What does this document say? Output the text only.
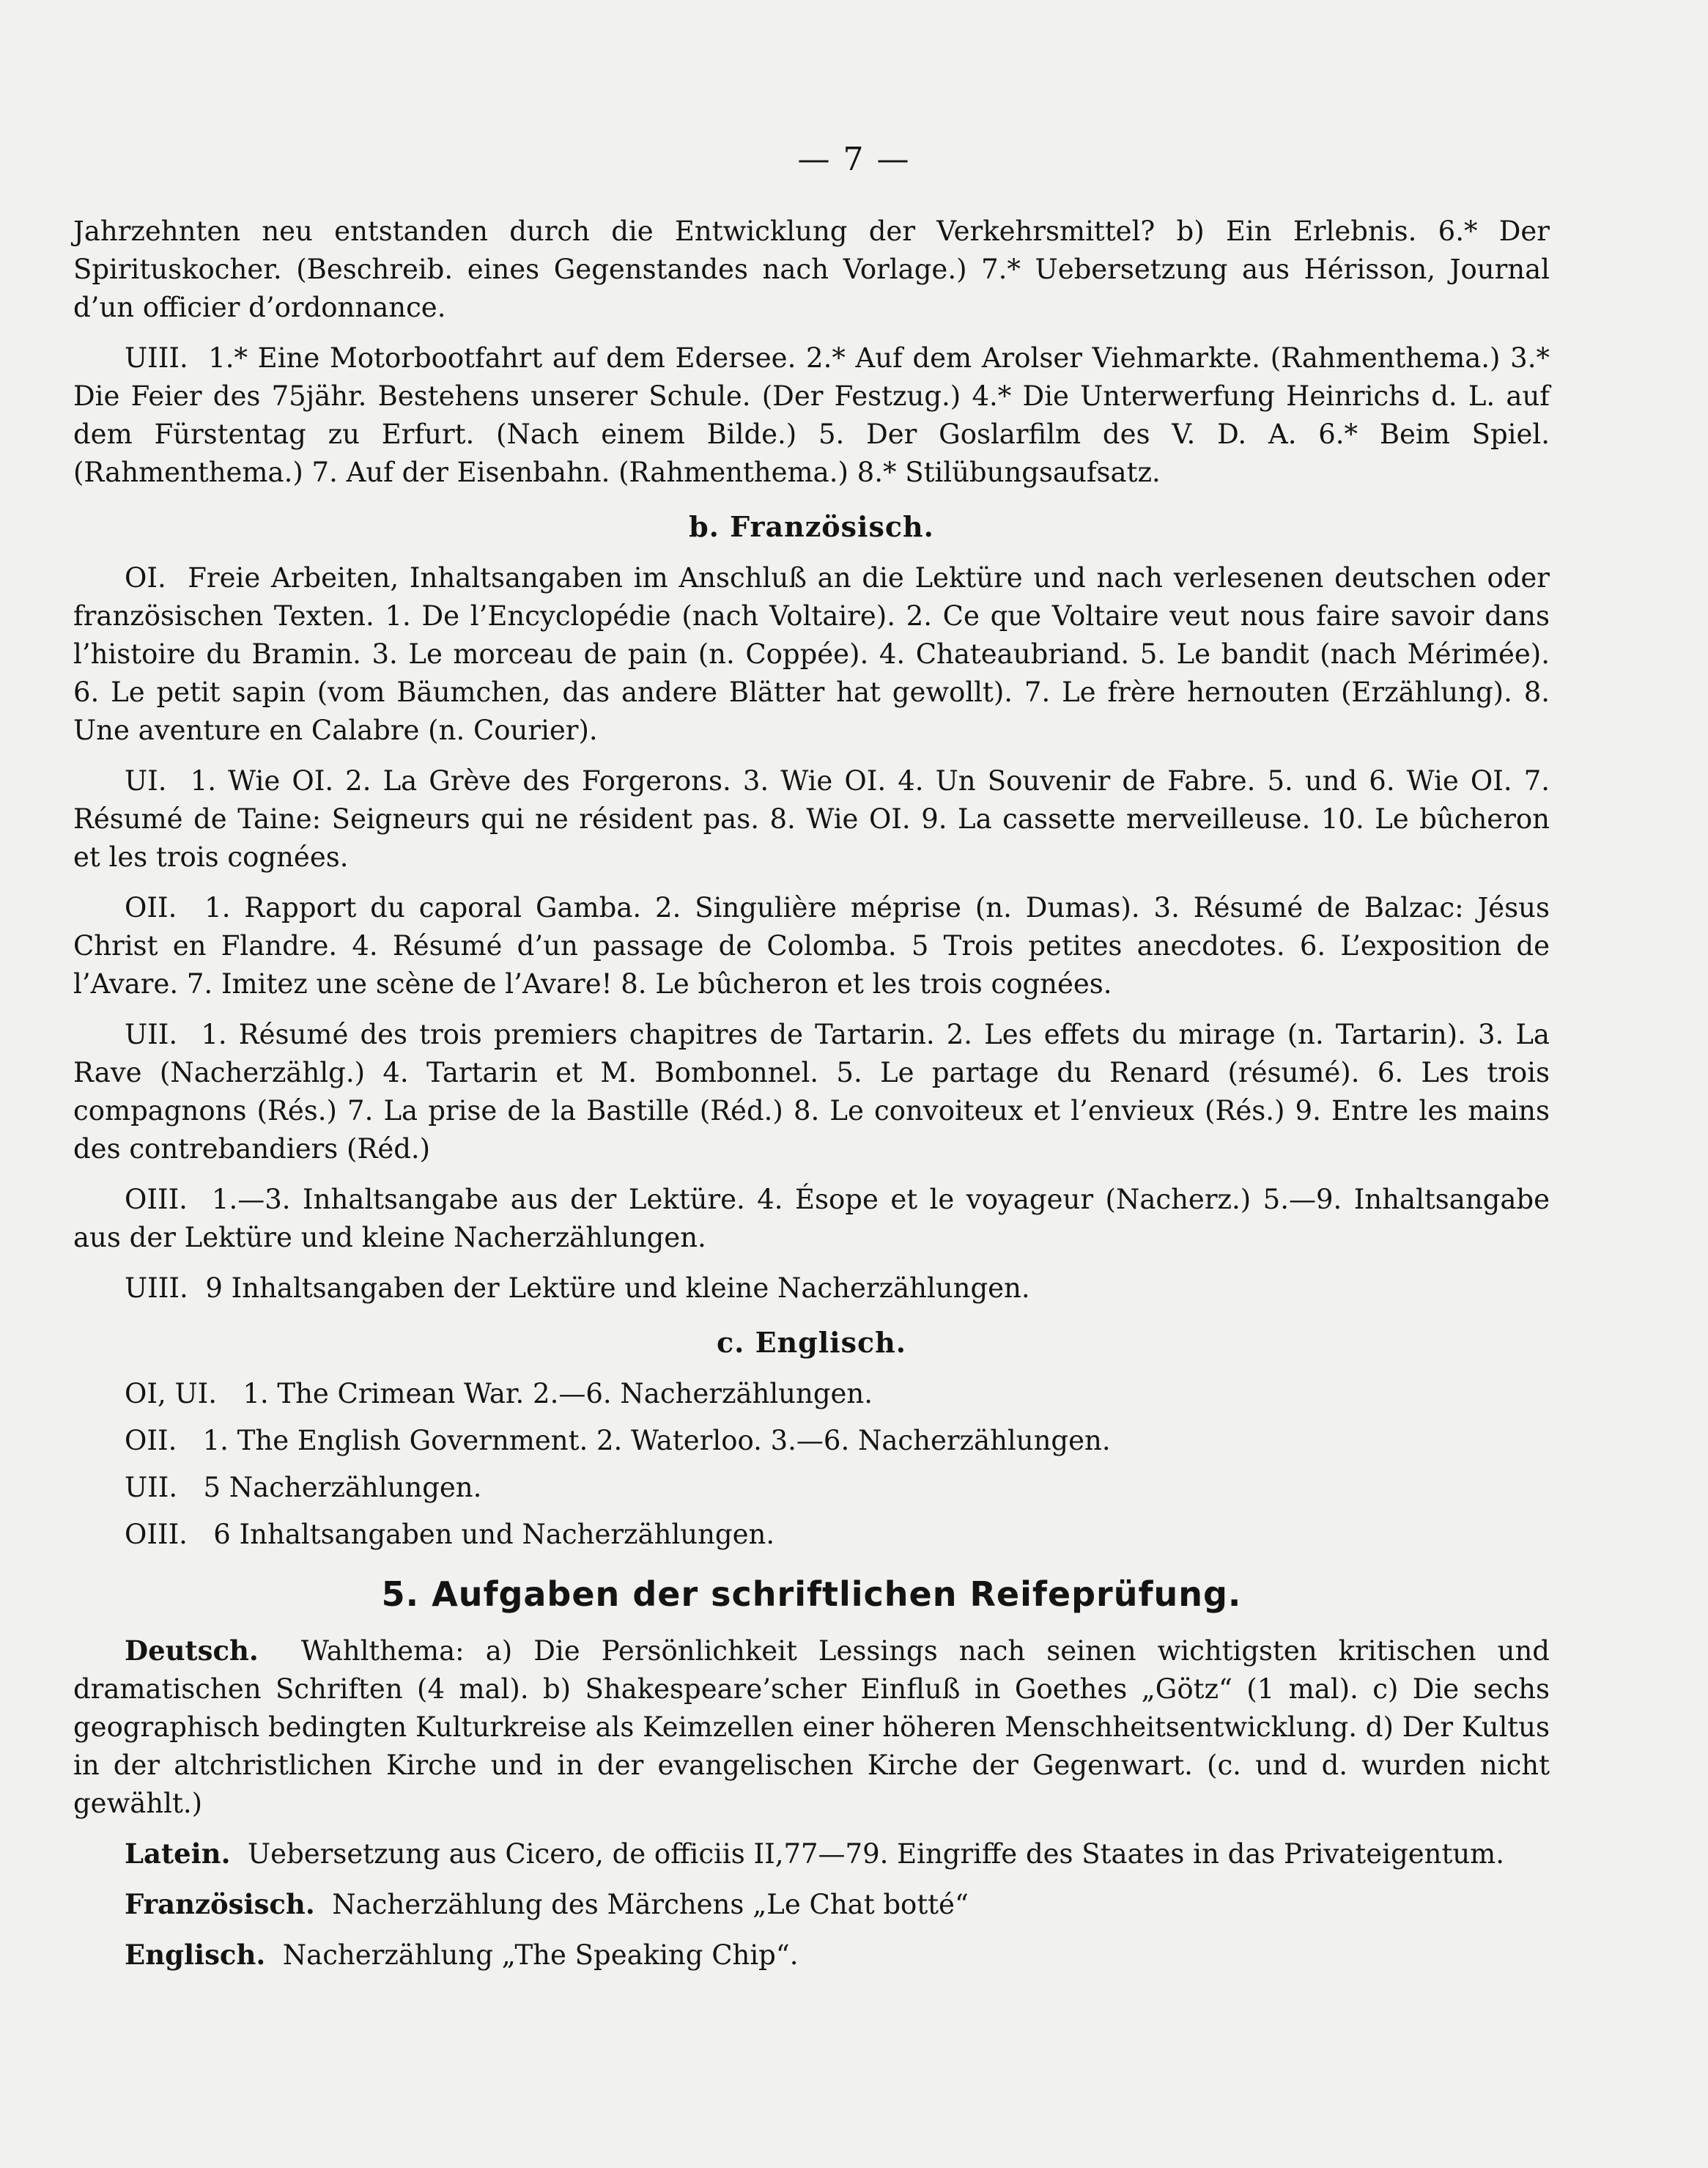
— 7 —

Jahrzehnten neu entstanden durch die Entwicklung der Verkehrsmittel? b) Ein Erlebnis. 6.* Der Spirituskocher. (Beschreib. eines Gegenstandes nach Vorlage.) 7.* Uebersetzung aus Hérisson, Journal d’un officier d’ordonnance.

UIII. 1.* Eine Motorbootfahrt auf dem Edersee. 2.* Auf dem Arolser Viehmarkte. (Rahmenthema.) 3.* Die Feier des 75jähr. Bestehens unserer Schule. (Der Festzug.) 4.* Die Unterwerfung Heinrichs d. L. auf dem Fürstentag zu Erfurt. (Nach einem Bilde.) 5. Der Goslarfilm des V. D. A. 6.* Beim Spiel. (Rahmenthema.) 7. Auf der Eisenbahn. (Rahmenthema.) 8.* Stilübungsaufsatz.

b. Französisch.

OI. Freie Arbeiten, Inhaltsangaben im Anschluß an die Lektüre und nach verlesenen deutschen oder französischen Texten. 1. De l’Encyclopédie (nach Voltaire). 2. Ce que Voltaire veut nous faire savoir dans l’histoire du Bramin. 3. Le morceau de pain (n. Coppée). 4. Chateaubriand. 5. Le bandit (nach Mérimée). 6. Le petit sapin (vom Bäumchen, das andere Blätter hat gewollt). 7. Le frère hernouten (Erzählung). 8. Une aventure en Calabre (n. Courier).

UI. 1. Wie OI. 2. La Grève des Forgerons. 3. Wie OI. 4. Un Souvenir de Fabre. 5. und 6. Wie OI. 7. Résumé de Taine: Seigneurs qui ne résident pas. 8. Wie OI. 9. La cassette merveilleuse. 10. Le bûcheron et les trois cognées.

OII. 1. Rapport du caporal Gamba. 2. Singulière méprise (n. Dumas). 3. Résumé de Balzac: Jésus Christ en Flandre. 4. Résumé d’un passage de Colomba. 5 Trois petites anecdotes. 6. L’exposition de l’Avare. 7. Imitez une scène de l’Avare! 8. Le bûcheron et les trois cognées.

UII. 1. Résumé des trois premiers chapitres de Tartarin. 2. Les effets du mirage (n. Tartarin). 3. La Rave (Nacherzählg.) 4. Tartarin et M. Bombonnel. 5. Le partage du Renard (résumé). 6. Les trois compagnons (Rés.) 7. La prise de la Bastille (Réd.) 8. Le convoiteux et l’envieux (Rés.) 9. Entre les mains des contrebandiers (Réd.)

OIII. 1.—3. Inhaltsangabe aus der Lektüre. 4. Ésope et le voyageur (Nacherz.) 5.—9. Inhaltsangabe aus der Lektüre und kleine Nacherzählungen.

UIII. 9 Inhaltsangaben der Lektüre und kleine Nacherzählungen.

c. Englisch.

OI, UI. 1. The Crimean War. 2.—6. Nacherzählungen.

OII. 1. The English Government. 2. Waterloo. 3.—6. Nacherzählungen.

UII. 5 Nacherzählungen.

OIII. 6 Inhaltsangaben und Nacherzählungen.

5. Aufgaben der schriftlichen Reifeprüfung.

Deutsch. Wahlthema: a) Die Persönlichkeit Lessings nach seinen wichtigsten kritischen und dramatischen Schriften (4 mal). b) Shakespeare’scher Einfluß in Goethes „Götz“ (1 mal). c) Die sechs geographisch bedingten Kulturkreise als Keimzellen einer höheren Menschheitsentwicklung. d) Der Kultus in der altchristlichen Kirche und in der evangelischen Kirche der Gegenwart. (c. und d. wurden nicht gewählt.)

Latein. Uebersetzung aus Cicero, de officiis II,77—79. Eingriffe des Staates in das Privateigentum.

Französisch. Nacherzählung des Märchens „Le Chat botté“

Englisch. Nacherzählung „The Speaking Chip“.
